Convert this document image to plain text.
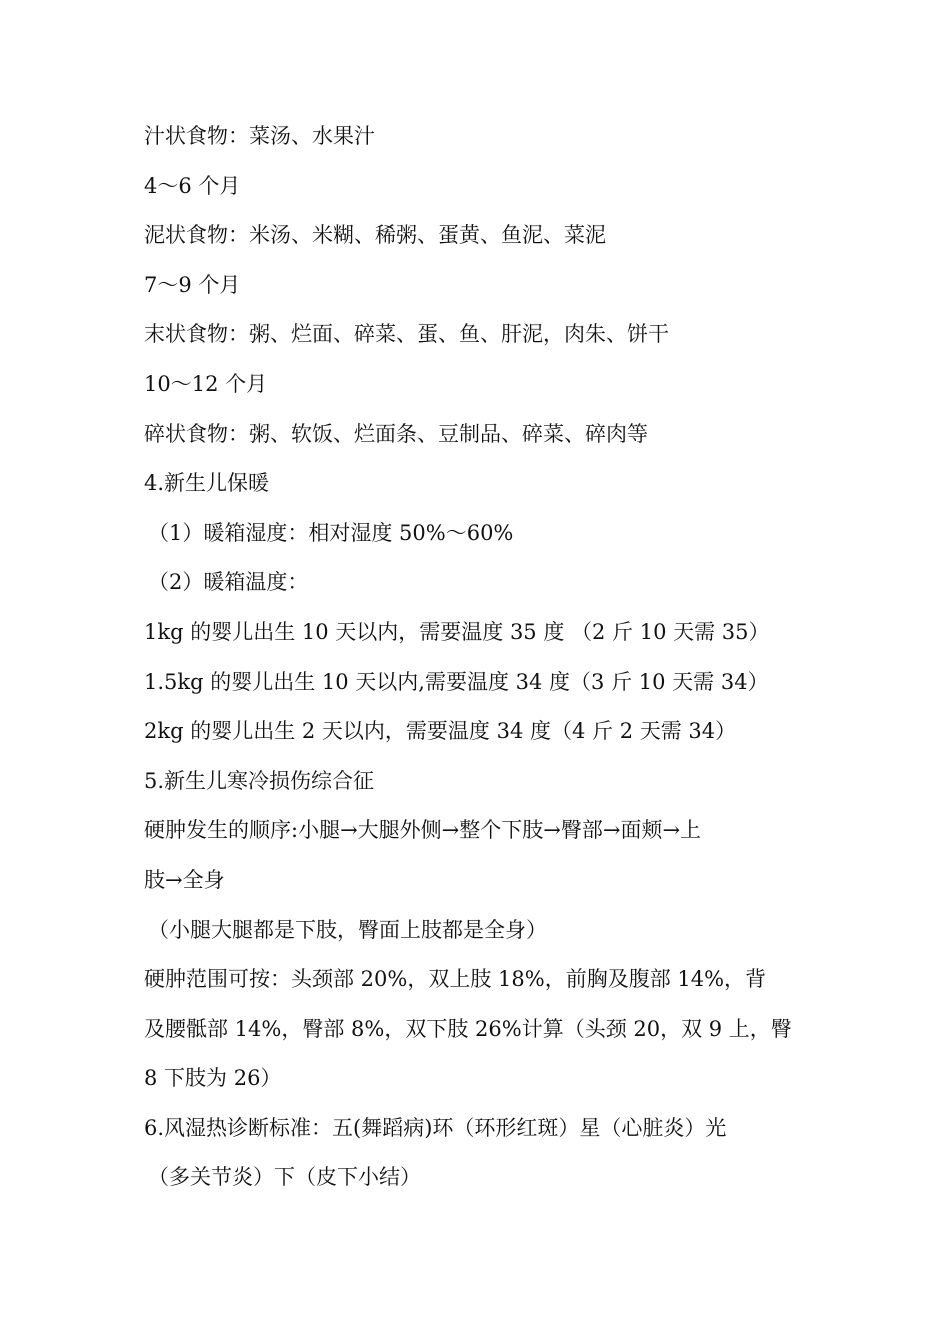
汁状食物：菜汤、水果汁
4～6 个月
泥状食物：米汤、米糊、稀粥、蛋黄、鱼泥、菜泥
7～9 个月
末状食物：粥、烂面、碎菜、蛋、鱼、肝泥，肉朱、饼干
10～12 个月
碎状食物：粥、软饭、烂面条、豆制品、碎菜、碎肉等
4.新生儿保暖
（1）暖箱湿度：相对湿度 50%～60%
（2）暖箱温度：
1kg 的婴儿出生 10 天以内，需要温度 35 度 （2 斤 10 天需 35）
1.5kg 的婴儿出生 10 天以内,需要温度 34 度（3 斤 10 天需 34）
2kg 的婴儿出生 2 天以内，需要温度 34 度（4 斤 2 天需 34）
5.新生儿寒冷损伤综合征
硬肿发生的顺序:小腿→大腿外侧→整个下肢→臀部→面颊→上
肢→全身
（小腿大腿都是下肢，臀面上肢都是全身）
硬肿范围可按：头颈部 20%，双上肢 18%，前胸及腹部 14%，背
及腰骶部 14%，臀部 8%，双下肢 26%计算（头颈 20，双 9 上，臀
8 下肢为 26）
6.风湿热诊断标准：五(舞蹈病)环（环形红斑）星（心脏炎）光
（多关节炎）下（皮下小结）
